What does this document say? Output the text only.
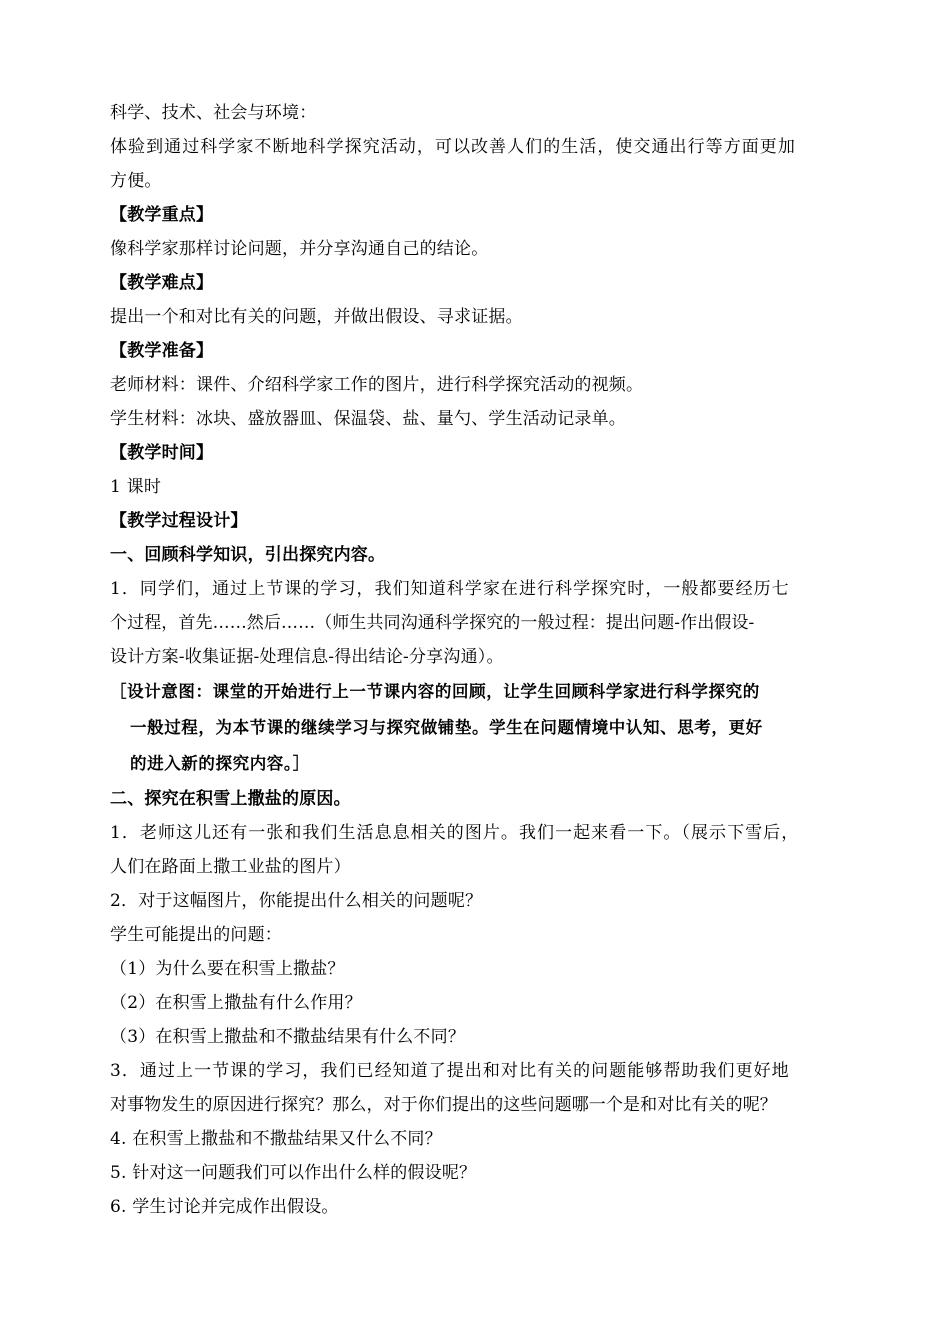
科学、技术、社会与环境：
体验到通过科学家不断地科学探究活动，可以改善人们的生活，使交通出行等方面更加
方便。
【教学重点】
像科学家那样讨论问题，并分享沟通自己的结论。
【教学难点】
提出一个和对比有关的问题，并做出假设、寻求证据。
【教学准备】
老师材料：课件、介绍科学家工作的图片，进行科学探究活动的视频。
学生材料：冰块、盛放器皿、保温袋、盐、量勺、学生活动记录单。
【教学时间】
1 课时
【教学过程设计】
一、回顾科学知识，引出探究内容。
1．同学们，通过上节课的学习，我们知道科学家在进行科学探究时，一般都要经历七
个过程，首先……然后……（师生共同沟通科学探究的一般过程：提出问题-作出假设-
设计方案-收集证据-处理信息-得出结论-分享沟通）。
［设计意图：课堂的开始进行上一节课内容的回顾，让学生回顾科学家进行科学探究的
一般过程，为本节课的继续学习与探究做铺垫。学生在问题情境中认知、思考，更好
的进入新的探究内容。］
二、探究在积雪上撒盐的原因。
1．老师这儿还有一张和我们生活息息相关的图片。我们一起来看一下。（展示下雪后，
人们在路面上撒工业盐的图片）
2．对于这幅图片，你能提出什么相关的问题呢？
学生可能提出的问题：
（1）为什么要在积雪上撒盐？
（2）在积雪上撒盐有什么作用？
（3）在积雪上撒盐和不撒盐结果有什么不同？
3．通过上一节课的学习，我们已经知道了提出和对比有关的问题能够帮助我们更好地
对事物发生的原因进行探究？那么，对于你们提出的这些问题哪一个是和对比有关的呢？
4. 在积雪上撒盐和不撒盐结果又什么不同？
5. 针对这一问题我们可以作出什么样的假设呢？
6. 学生讨论并完成作出假设。
